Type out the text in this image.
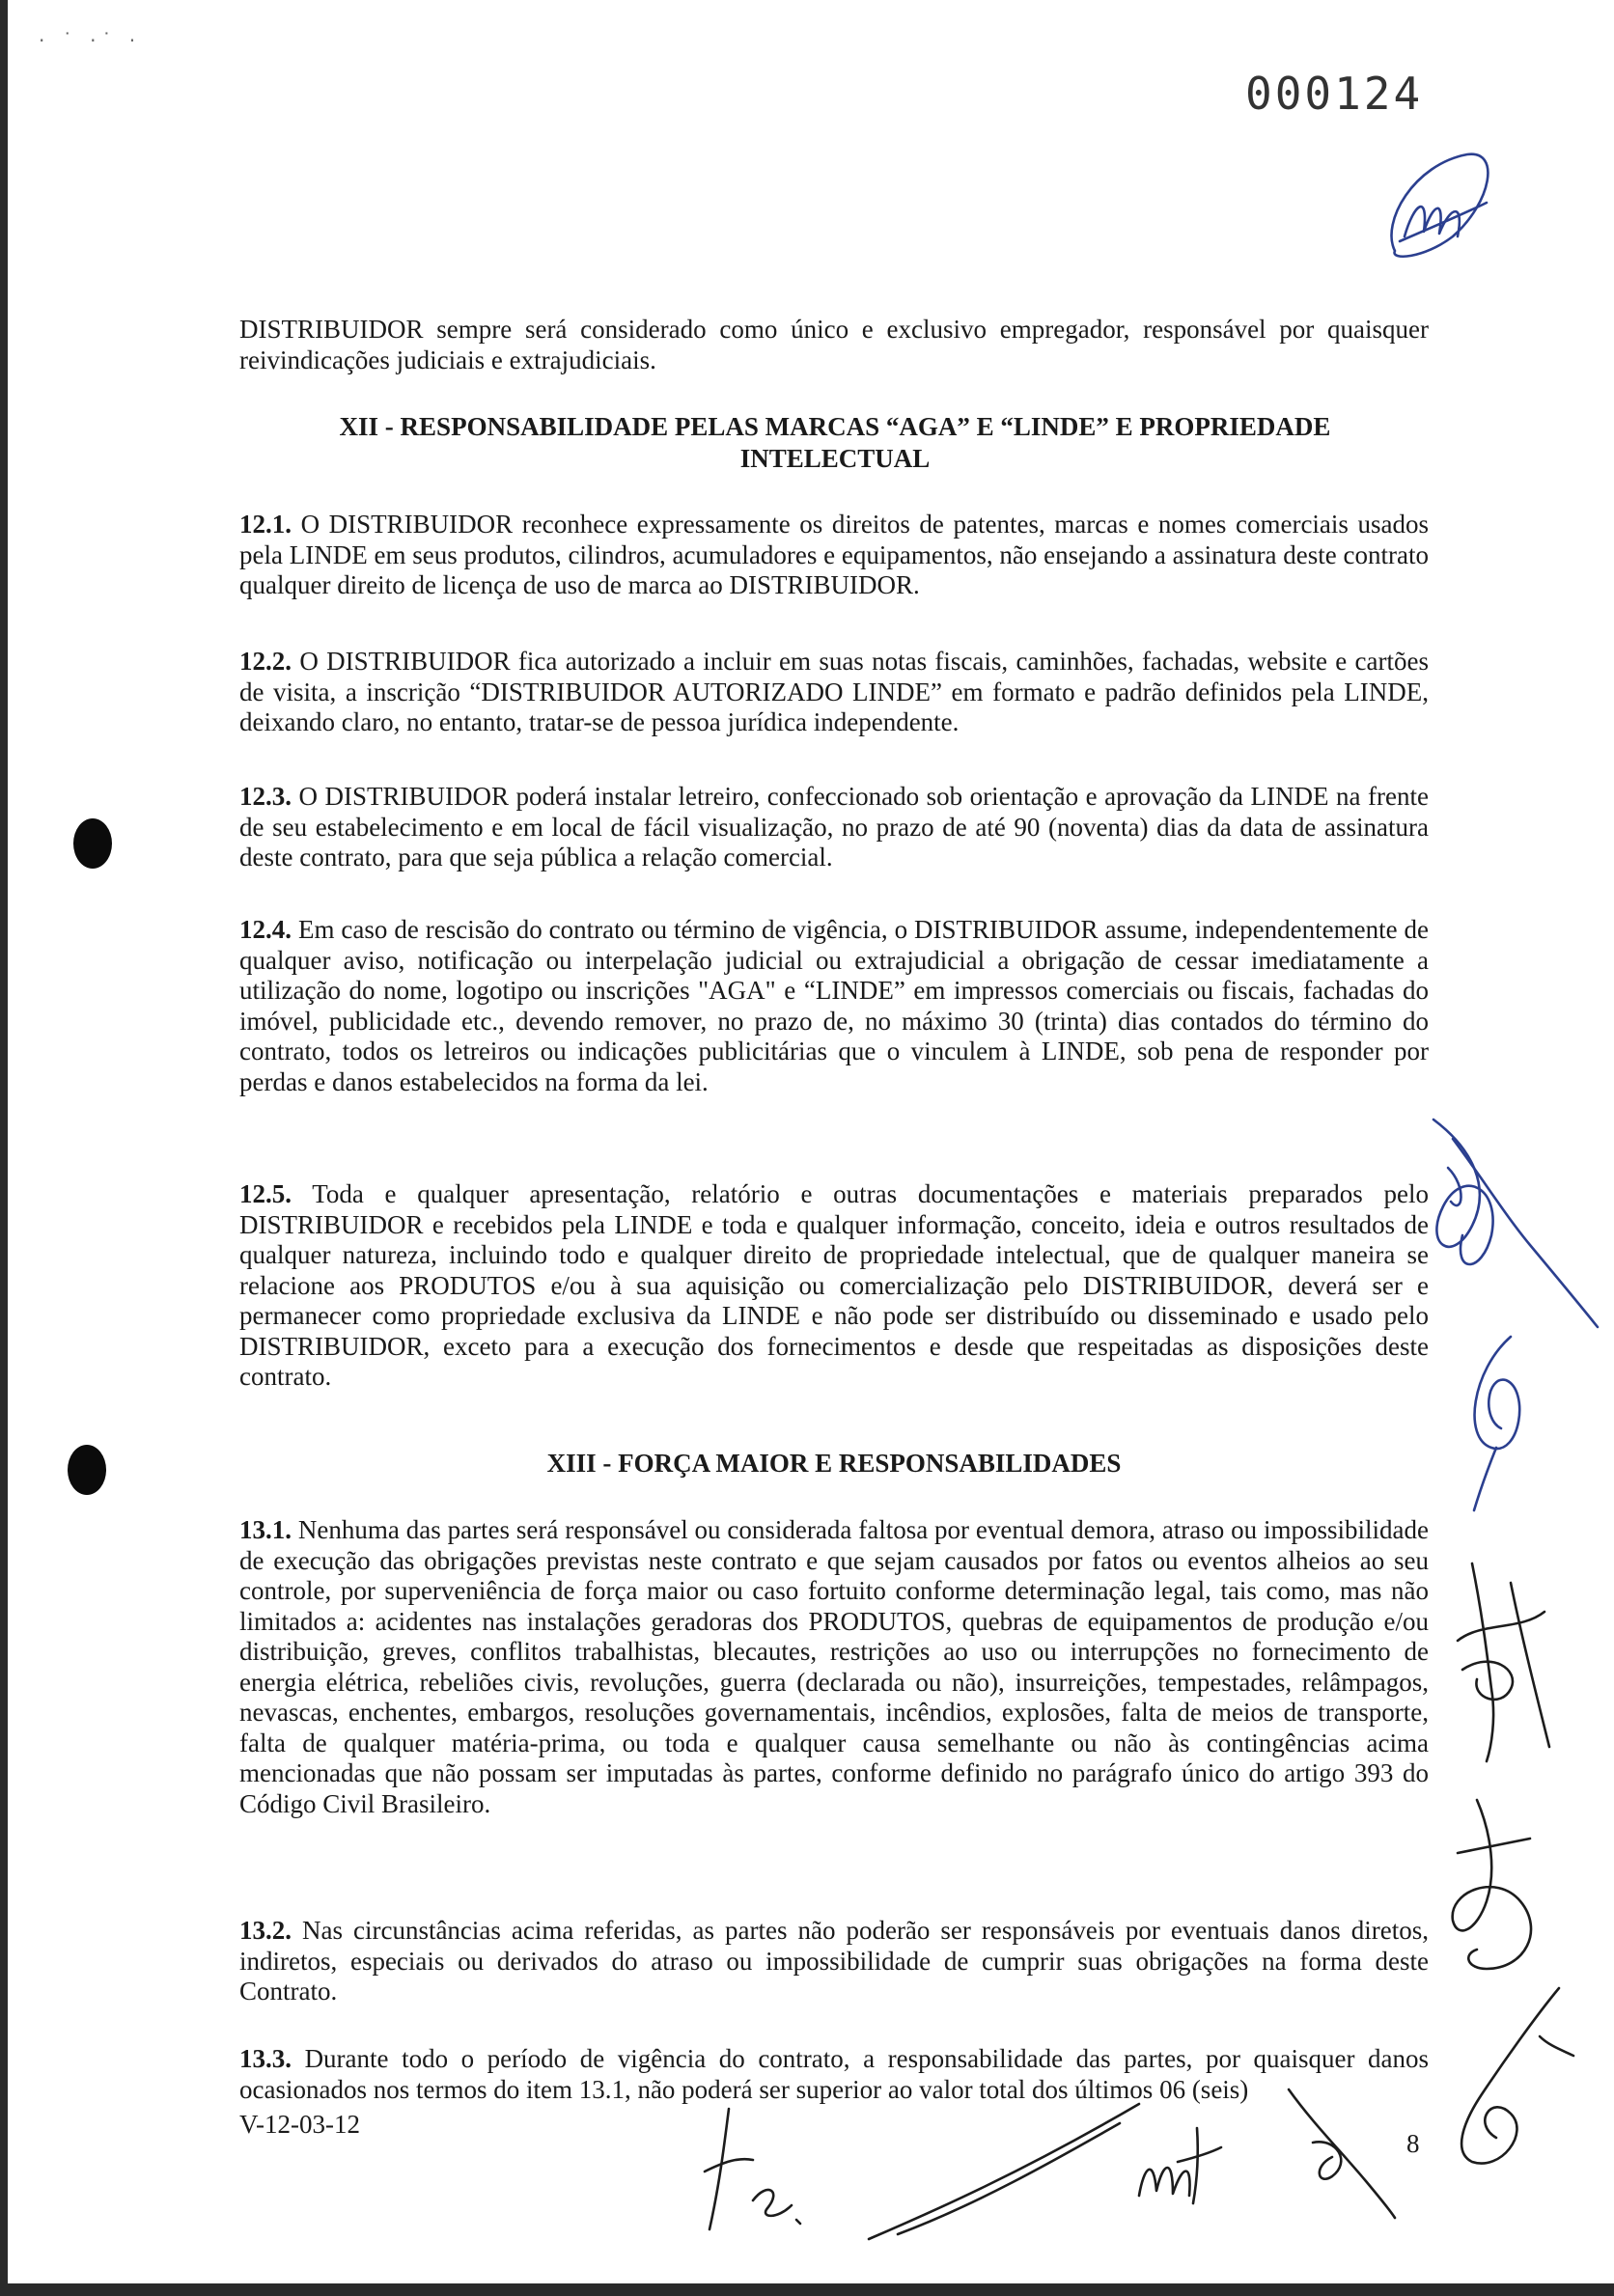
· ˙ ·˙ ·
000124

DISTRIBUIDOR sempre será considerado como único e exclusivo empregador, responsável por quaisquer reivindicações judiciais e extrajudiciais.

XII - RESPONSABILIDADE PELAS MARCAS “AGA” E “LINDE” E PROPRIEDADE INTELECTUAL

12.1. O DISTRIBUIDOR reconhece expressamente os direitos de patentes, marcas e nomes comerciais usados pela LINDE em seus produtos, cilindros, acumuladores e equipamentos, não ensejando a assinatura deste contrato qualquer direito de licença de uso de marca ao DISTRIBUIDOR.

12.2. O DISTRIBUIDOR fica autorizado a incluir em suas notas fiscais, caminhões, fachadas, website e cartões de visita, a inscrição “DISTRIBUIDOR AUTORIZADO LINDE” em formato e padrão definidos pela LINDE, deixando claro, no entanto, tratar-se de pessoa jurídica independente.

12.3. O DISTRIBUIDOR poderá instalar letreiro, confeccionado sob orientação e aprovação da LINDE na frente de seu estabelecimento e em local de fácil visualização, no prazo de até 90 (noventa) dias da data de assinatura deste contrato, para que seja pública a relação comercial.

12.4. Em caso de rescisão do contrato ou término de vigência, o DISTRIBUIDOR assume, independentemente de qualquer aviso, notificação ou interpelação judicial ou extrajudicial a obrigação de cessar imediatamente a utilização do nome, logotipo ou inscrições "AGA" e “LINDE” em impressos comerciais ou fiscais, fachadas do imóvel, publicidade etc., devendo remover, no prazo de, no máximo 30 (trinta) dias contados do término do contrato, todos os letreiros ou indicações publicitárias que o vinculem à LINDE, sob pena de responder por perdas e danos estabelecidos na forma da lei.

12.5. Toda e qualquer apresentação, relatório e outras documentações e materiais preparados pelo DISTRIBUIDOR e recebidos pela LINDE e toda e qualquer informação, conceito, ideia e outros resultados de qualquer natureza, incluindo todo e qualquer direito de propriedade intelectual, que de qualquer maneira se relacione aos PRODUTOS e/ou à sua aquisição ou comercialização pelo DISTRIBUIDOR, deverá ser e permanecer como propriedade exclusiva da LINDE e não pode ser distribuído ou disseminado e usado pelo DISTRIBUIDOR, exceto para a execução dos fornecimentos e desde que respeitadas as disposições deste contrato.

XIII - FORÇA MAIOR E RESPONSABILIDADES

13.1. Nenhuma das partes será responsável ou considerada faltosa por eventual demora, atraso ou impossibilidade de execução das obrigações previstas neste contrato e que sejam causados por fatos ou eventos alheios ao seu controle, por superveniência de força maior ou caso fortuito conforme determinação legal, tais como, mas não limitados a: acidentes nas instalações geradoras dos PRODUTOS, quebras de equipamentos de produção e/ou distribuição, greves, conflitos trabalhistas, blecautes, restrições ao uso ou interrupções no fornecimento de energia elétrica, rebeliões civis, revoluções, guerra (declarada ou não), insurreições, tempestades, relâmpagos, nevascas, enchentes, embargos, resoluções governamentais, incêndios, explosões, falta de meios de transporte, falta de qualquer matéria-prima, ou toda e qualquer causa semelhante ou não às contingências acima mencionadas que não possam ser imputadas às partes, conforme definido no parágrafo único do artigo 393 do Código Civil Brasileiro.

13.2. Nas circunstâncias acima referidas, as partes não poderão ser responsáveis por eventuais danos diretos, indiretos, especiais ou derivados do atraso ou impossibilidade de cumprir suas obrigações na forma deste Contrato.

13.3. Durante todo o período de vigência do contrato, a responsabilidade das partes, por quaisquer danos ocasionados nos termos do item 13.1, não poderá ser superior ao valor total dos últimos 06 (seis)

V-12-03-12
8
